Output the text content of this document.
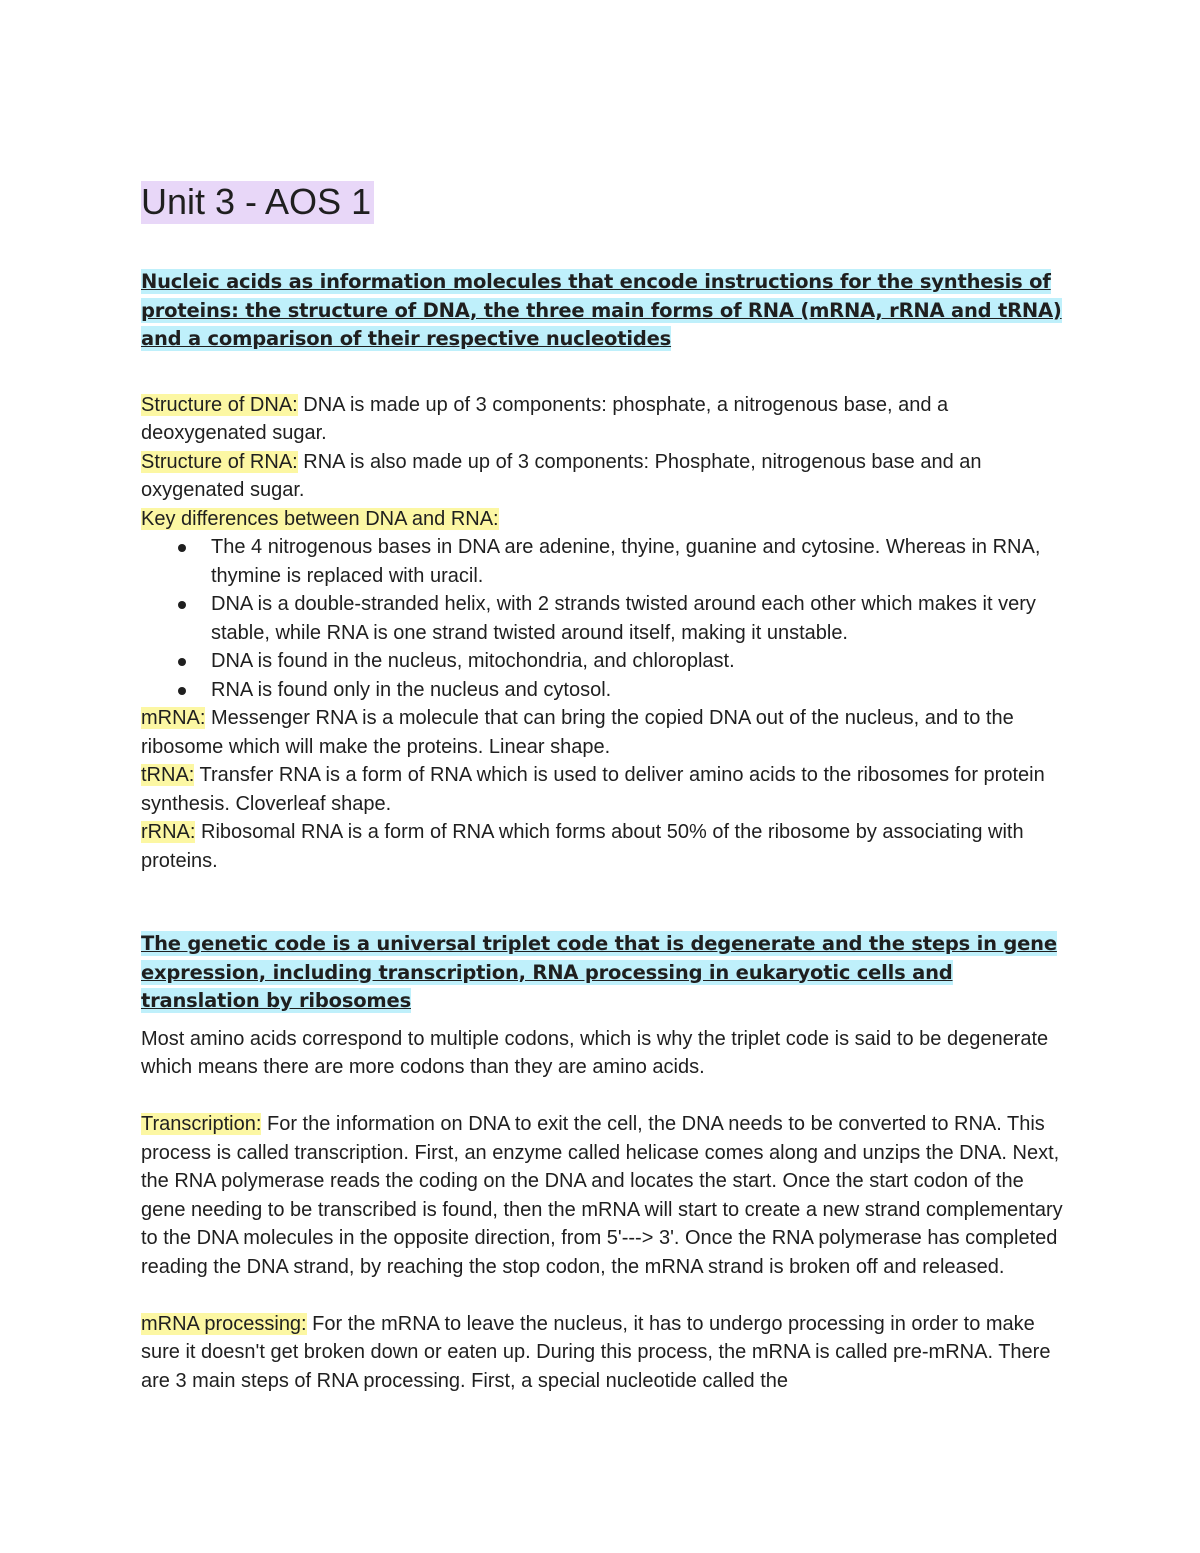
Unit 3 - AOS 1
Nucleic acids as information molecules that encode instructions for the synthesis of proteins: the structure of DNA, the three main forms of RNA (mRNA, rRNA and tRNA) and a comparison of their respective nucleotides

Structure of DNA: DNA is made up of 3 components: phosphate, a nitrogenous base, and a deoxygenated sugar.

Structure of RNA: RNA is also made up of 3 components: Phosphate, nitrogenous base and an oxygenated sugar.

Key differences between DNA and RNA:

The 4 nitrogenous bases in DNA are adenine, thyine, guanine and cytosine. Whereas in RNA, thymine is replaced with uracil.
DNA is a double-stranded helix, with 2 strands twisted around each other which makes it very stable, while RNA is one strand twisted around itself, making it unstable.
DNA is found in the nucleus, mitochondria, and chloroplast.
RNA is found only in the nucleus and cytosol.

mRNA: Messenger RNA is a molecule that can bring the copied DNA out of the nucleus, and to the ribosome which will make the proteins. Linear shape.

tRNA: Transfer RNA is a form of RNA which is used to deliver amino acids to the ribosomes for protein synthesis. Cloverleaf shape.

rRNA: Ribosomal RNA is a form of RNA which forms about 50% of the ribosome by associating with proteins.

The genetic code is a universal triplet code that is degenerate and the steps in gene expression, including transcription, RNA processing in eukaryotic cells and translation by ribosomes

Most amino acids correspond to multiple codons, which is why the triplet code is said to be degenerate which means there are more codons than they are amino acids.

Transcription: For the information on DNA to exit the cell, the DNA needs to be converted to RNA. This process is called transcription. First, an enzyme called helicase comes along and unzips the DNA. Next, the RNA polymerase reads the coding on the DNA and locates the start. Once the start codon of the gene needing to be transcribed is found, then the mRNA will start to create a new strand complementary to the DNA molecules in the opposite direction, from 5'---> 3'. Once the RNA polymerase has completed reading the DNA strand, by reaching the stop codon, the mRNA strand is broken off and released.

mRNA processing: For the mRNA to leave the nucleus, it has to undergo processing in order to make sure it doesn't get broken down or eaten up. During this process, the mRNA is called pre-mRNA. There are 3 main steps of RNA processing. First, a special nucleotide called the
